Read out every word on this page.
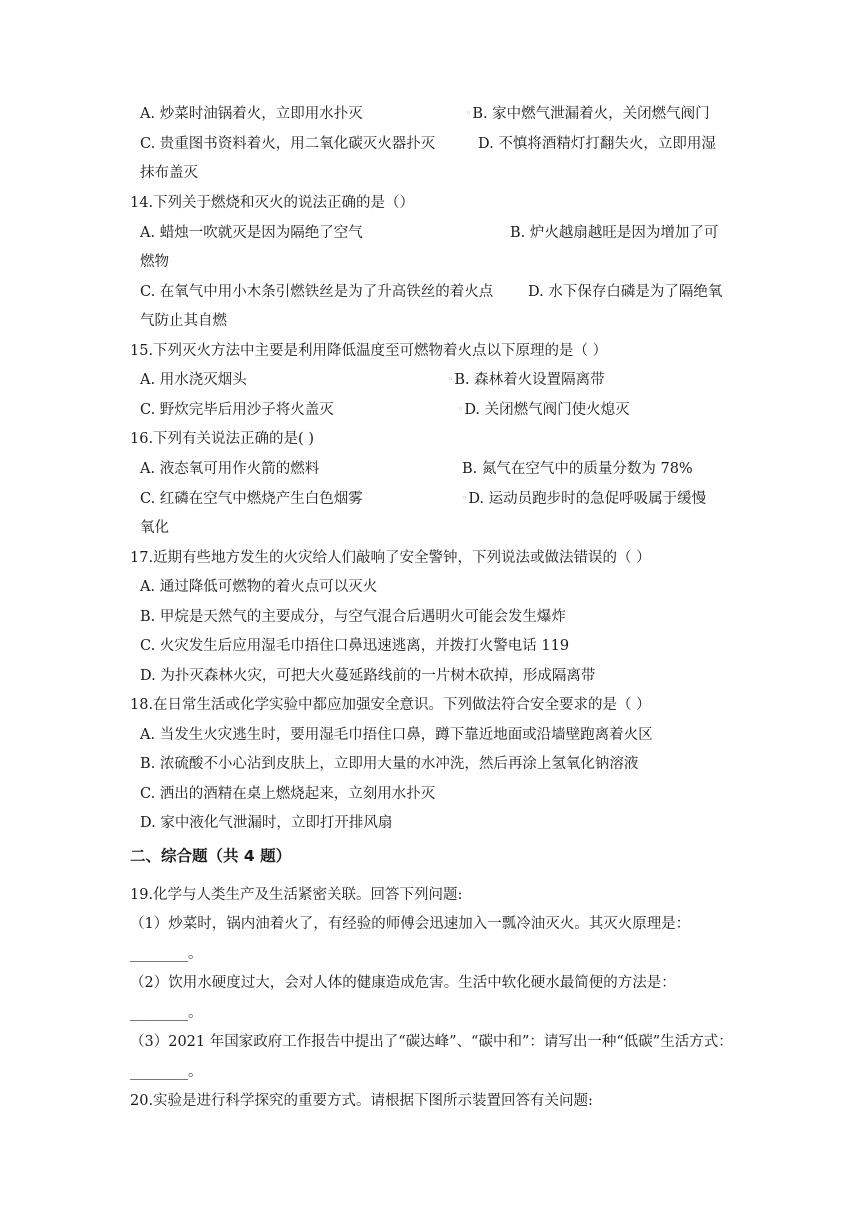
A. 炒菜时油锅着火，立即用水扑灭	◦B. 家中燃气泄漏着火，关闭燃气阀门
C. 贵重图书资料着火，用二氧化碳灭火器扑灭	D. 不慎将酒精灯打翻失火，立即用湿
抹布盖灭
14.下列关于燃烧和灭火的说法正确的是（）
A. 蜡烛一吹就灭是因为隔绝了空气	B. 炉火越扇越旺是因为增加了可
燃物
C. 在氧气中用小木条引燃铁丝是为了升高铁丝的着火点 D. 水下保存白磷是为了隔绝氧
气防止其自燃
15.下列灭火方法中主要是利用降低温度至可燃物着火点以下原理的是（ ）
A. 用水浇灭烟头	◦B. 森林着火设置隔离带
C. 野炊完毕后用沙子将火盖灭	◦D. 关闭燃气阀门使火熄灭
16.下列有关说法正确的是( )
A. 液态氧可用作火箭的燃料	B. 氮气在空气中的质量分数为 78%
C. 红磷在空气中燃烧产生白色烟雾	◦D. 运动员跑步时的急促呼吸属于缓慢
氧化
17.近期有些地方发生的火灾给人们敲响了安全警钟，下列说法或做法错误的（ ）
A. 通过降低可燃物的着火点可以灭火
B. 甲烷是天然气的主要成分，与空气混合后遇明火可能会发生爆炸
C. 火灾发生后应用湿毛巾捂住口鼻迅速逃离，并拨打火警电话 119
D. 为扑灭森林火灾，可把大火蔓延路线前的一片树木砍掉，形成隔离带
18.在日常生活或化学实验中都应加强安全意识。下列做法符合安全要求的是（ ）
A. 当发生火灾逃生时，要用湿毛巾捂住口鼻，蹲下靠近地面或沿墙壁跑离着火区
B. 浓硫酸不小心沾到皮肤上，立即用大量的水冲洗，然后再涂上氢氧化钠溶液
C. 洒出的酒精在桌上燃烧起来，立刻用水扑灭
D. 家中液化气泄漏时，立即打开排风扇
二、综合题（共 4 题）
19.化学与人类生产及生活紧密关联。回答下列问题:
（1）炒菜时，锅内油着火了，有经验的师傅会迅速加入一瓢冷油灭火。其灭火原理是：
________。
（2）饮用水硬度过大，会对人体的健康造成危害。生活中软化硬水最简便的方法是：
________。
（3）2021 年国家政府工作报告中提出了“碳达峰”、“碳中和”：请写出一种“低碳”生活方式：
________。
20.实验是进行科学探究的重要方式。请根据下图所示装置回答有关问题:
